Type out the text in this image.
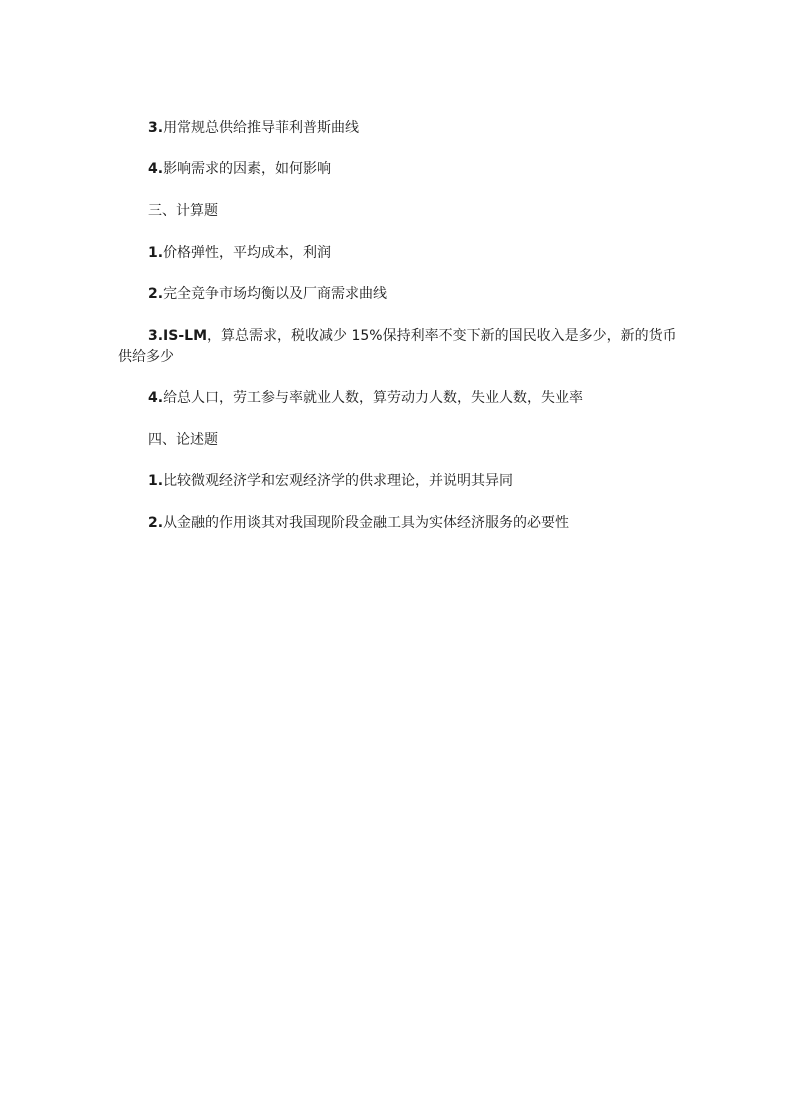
3.用常规总供给推导菲利普斯曲线

4.影响需求的因素，如何影响

三、计算题

1.价格弹性，平均成本，利润

2.完全竞争市场均衡以及厂商需求曲线

3.IS-LM，算总需求，税收减少 15%保持利率不变下新的国民收入是多少，新的货币供给多少

4.给总人口，劳工参与率就业人数，算劳动力人数，失业人数，失业率

四、论述题

1.比较微观经济学和宏观经济学的供求理论，并说明其异同

2.从金融的作用谈其对我国现阶段金融工具为实体经济服务的必要性
